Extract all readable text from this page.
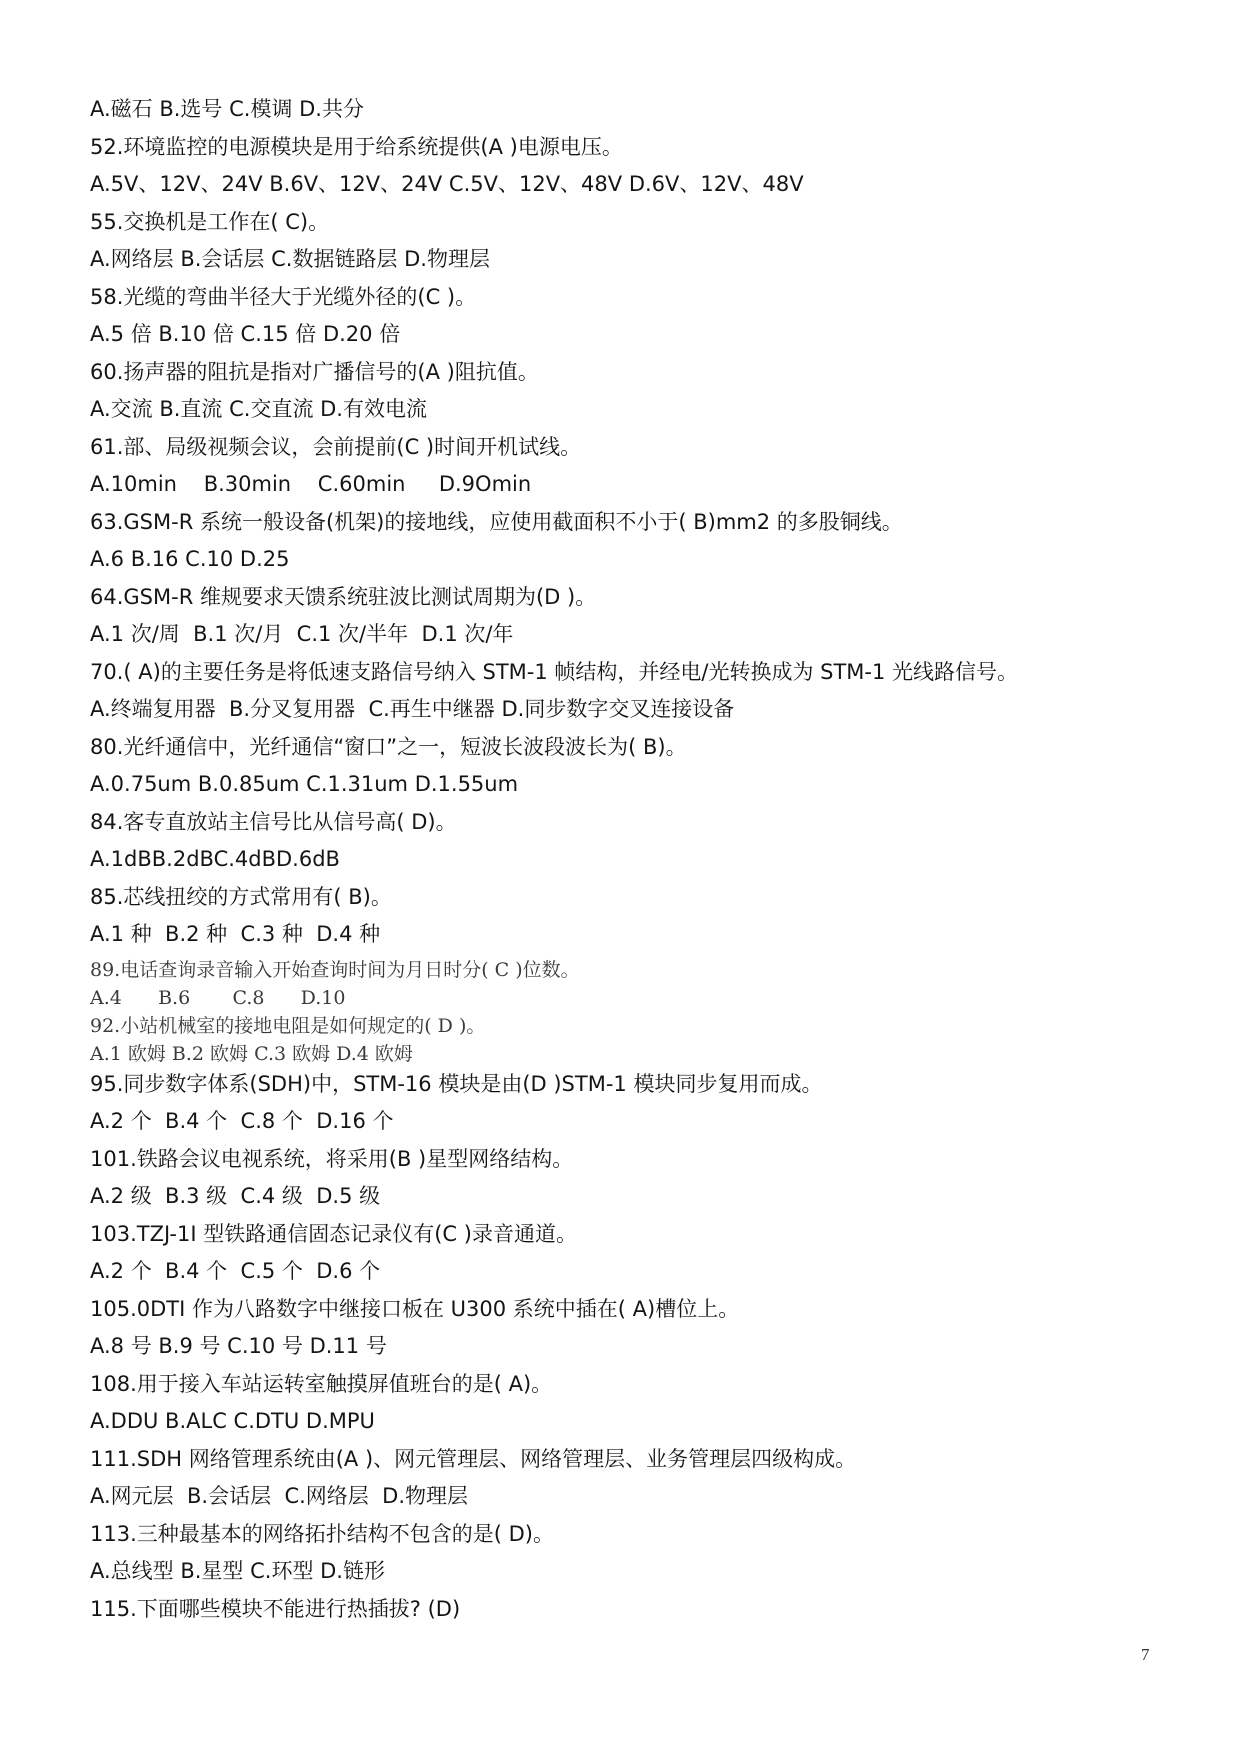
A.磁石 B.选号 C.模调 D.共分
52.环境监控的电源模块是用于给系统提供(A )电源电压。
A.5V、12V、24V B.6V、12V、24V C.5V、12V、48V D.6V、12V、48V
55.交换机是工作在( C)。
A.网络层 B.会话层 C.数据链路层 D.物理层
58.光缆的弯曲半径大于光缆外径的(C )。
A.5 倍 B.10 倍 C.15 倍 D.20 倍
60.扬声器的阻抗是指对广播信号的(A )阻抗值。
A.交流 B.直流 C.交直流 D.有效电流
61.部、局级视频会议，会前提前(C )时间开机试线。
A.10min    B.30min    C.60min     D.9Omin
63.GSM-R 系统一般设备(机架)的接地线，应使用截面积不小于( B)mm2 的多股铜线。
A.6 B.16 C.10 D.25
64.GSM-R 维规要求天馈系统驻波比测试周期为(D )。
A.1 次/周  B.1 次/月  C.1 次/半年  D.1 次/年
70.( A)的主要任务是将低速支路信号纳入 STM-1 帧结构，并经电/光转换成为 STM-1 光线路信号。
A.终端复用器  B.分叉复用器  C.再生中继器 D.同步数字交叉连接设备
80.光纤通信中，光纤通信“窗口”之一，短波长波段波长为( B)。
A.0.75um B.0.85um C.1.31um D.1.55um
84.客专直放站主信号比从信号高( D)。
A.1dBB.2dBC.4dBD.6dB
85.芯线扭绞的方式常用有( B)。
A.1 种  B.2 种  C.3 种  D.4 种
89.电话查询录音输入开始查询时间为月日时分( C )位数。
A.4      B.6       C.8      D.10
92.小站机械室的接地电阻是如何规定的( D )。
A.1 欧姆 B.2 欧姆 C.3 欧姆 D.4 欧姆
95.同步数字体系(SDH)中，STM-16 模块是由(D )STM-1 模块同步复用而成。
A.2 个  B.4 个  C.8 个  D.16 个
101.铁路会议电视系统，将采用(B )星型网络结构。
A.2 级  B.3 级  C.4 级  D.5 级
103.TZJ-1I 型铁路通信固态记录仪有(C )录音通道。
A.2 个  B.4 个  C.5 个  D.6 个
105.0DTI 作为八路数字中继接口板在 U300 系统中插在( A)槽位上。
A.8 号 B.9 号 C.10 号 D.11 号
108.用于接入车站运转室触摸屏值班台的是( A)。
A.DDU B.ALC C.DTU D.MPU
111.SDH 网络管理系统由(A )、网元管理层、网络管理层、业务管理层四级构成。
A.网元层  B.会话层  C.网络层  D.物理层
113.三种最基本的网络拓扑结构不包含的是( D)。
A.总线型 B.星型 C.环型 D.链形
115.下面哪些模块不能进行热插拔? (D)
7
